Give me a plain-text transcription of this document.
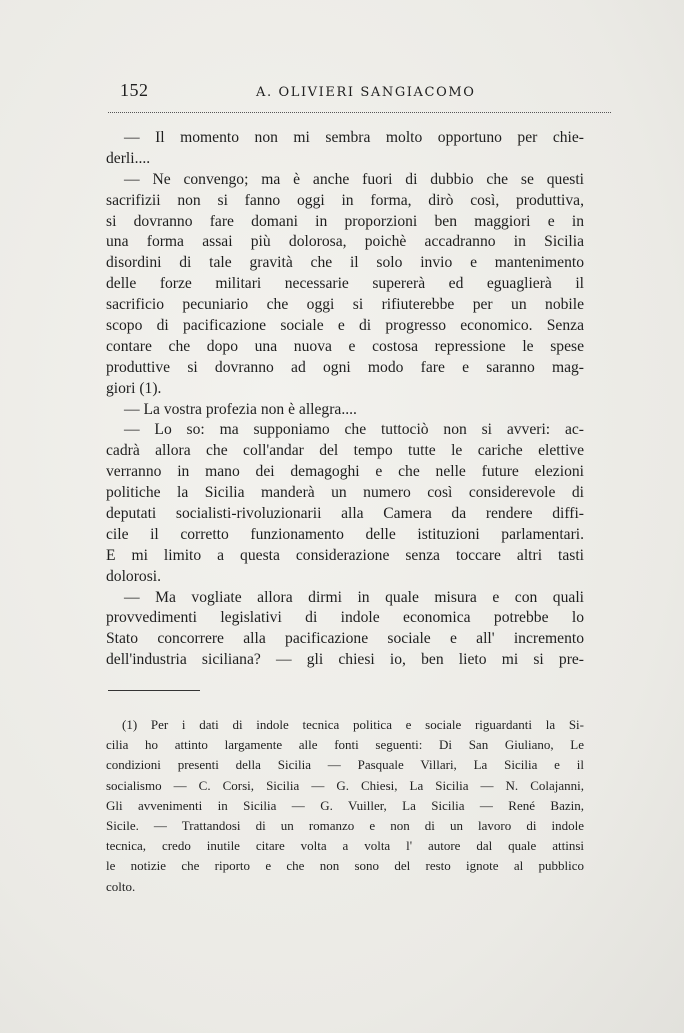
152	A. OLIVIERI SANGIACOMO
— Il momento non mi sembra molto opportuno per chie-
derli....
— Ne convengo; ma è anche fuori di dubbio che se questi
sacrifizii non si fanno oggi in forma, dirò così, produttiva,
si dovranno fare domani in proporzioni ben maggiori e in
una forma assai più dolorosa, poichè accadranno in Sicilia
disordini di tale gravità che il solo invio e mantenimento
delle forze militari necessarie supererà ed eguaglierà il
sacrificio pecuniario che oggi si rifiuterebbe per un nobile
scopo di pacificazione sociale e di progresso economico. Senza
contare che dopo una nuova e costosa repressione le spese
produttive si dovranno ad ogni modo fare e saranno mag-
giori (1).
— La vostra profezia non è allegra....
— Lo so: ma supponiamo che tuttociò non si avveri: ac-
cadrà allora che coll'andar del tempo tutte le cariche elettive
verranno in mano dei demagoghi e che nelle future elezioni
politiche la Sicilia manderà un numero così considerevole di
deputati socialisti-rivoluzionarii alla Camera da rendere diffi-
cile il corretto funzionamento delle istituzioni parlamentari.
E mi limito a questa considerazione senza toccare altri tasti
dolorosi.
— Ma vogliate allora dirmi in quale misura e con quali
provvedimenti legislativi di indole economica potrebbe lo
Stato concorrere alla pacificazione sociale e all' incremento
dell'industria siciliana? — gli chiesi io, ben lieto mi si pre-
(1) Per i dati di indole tecnica politica e sociale riguardanti la Si-
cilia ho attinto largamente alle fonti seguenti: Di San Giuliano, Le
condizioni presenti della Sicilia — Pasquale Villari, La Sicilia e il
socialismo — C. Corsi, Sicilia — G. Chiesi, La Sicilia — N. Colajanni,
Gli avvenimenti in Sicilia — G. Vuiller, La Sicilia — René Bazin,
Sicile. — Trattandosi di un romanzo e non di un lavoro di indole
tecnica, credo inutile citare volta a volta l' autore dal quale attinsi
le notizie che riporto e che non sono del resto ignote al pubblico
colto.
